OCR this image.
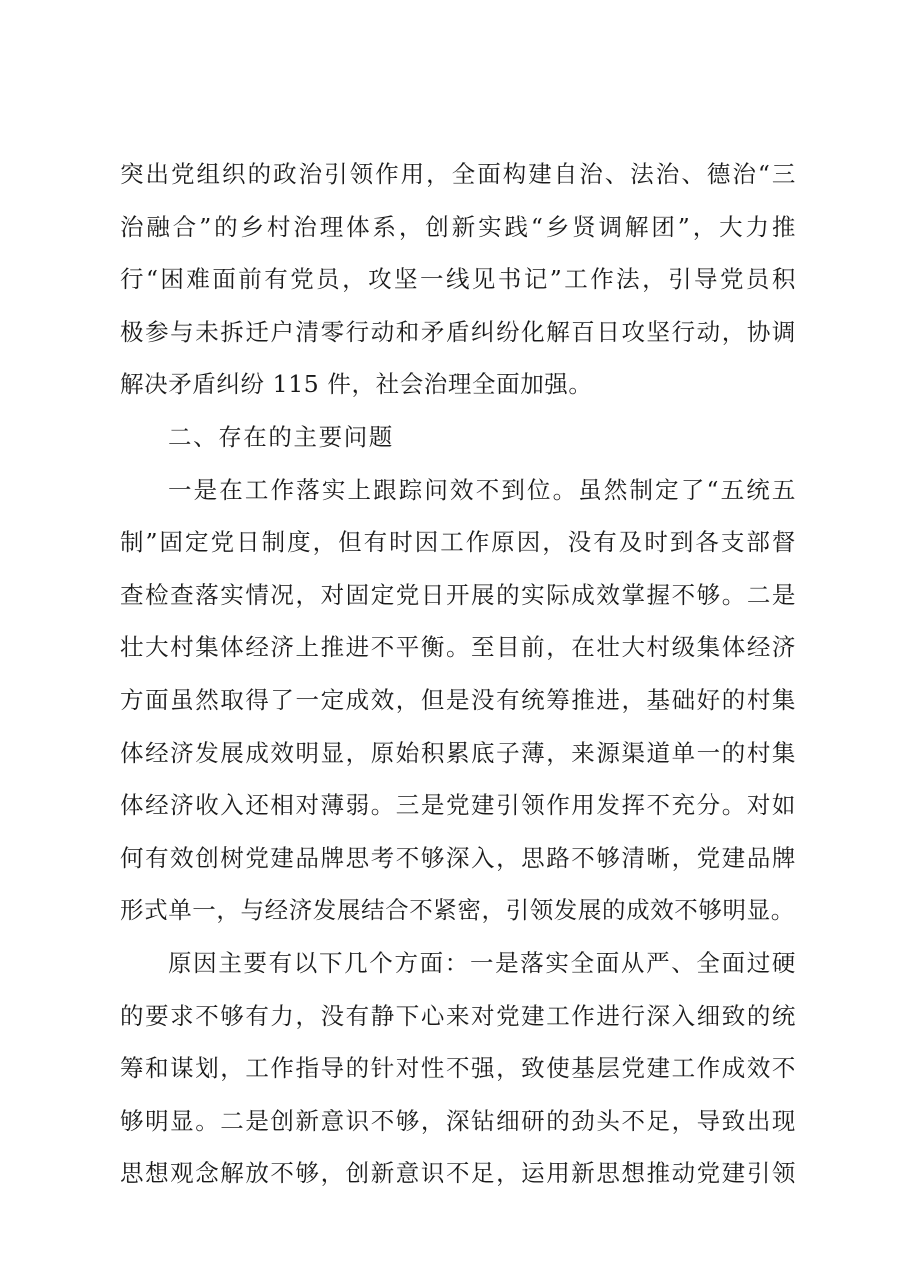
突出党组织的政治引领作用，全面构建自治、法治、德治“三
治融合”的乡村治理体系，创新实践“乡贤调解团”，大力推
行“困难面前有党员，攻坚一线见书记”工作法，引导党员积
极参与未拆迁户清零行动和矛盾纠纷化解百日攻坚行动，协调
解决矛盾纠纷 115 件，社会治理全面加强。
二、存在的主要问题
一是在工作落实上跟踪问效不到位。虽然制定了“五统五
制”固定党日制度，但有时因工作原因，没有及时到各支部督
查检查落实情况，对固定党日开展的实际成效掌握不够。二是
壮大村集体经济上推进不平衡。至目前，在壮大村级集体经济
方面虽然取得了一定成效，但是没有统筹推进，基础好的村集
体经济发展成效明显，原始积累底子薄，来源渠道单一的村集
体经济收入还相对薄弱。三是党建引领作用发挥不充分。对如
何有效创树党建品牌思考不够深入，思路不够清晰，党建品牌
形式单一，与经济发展结合不紧密，引领发展的成效不够明显。
原因主要有以下几个方面：一是落实全面从严、全面过硬
的要求不够有力，没有静下心来对党建工作进行深入细致的统
筹和谋划，工作指导的针对性不强，致使基层党建工作成效不
够明显。二是创新意识不够，深钻细研的劲头不足，导致出现
思想观念解放不够，创新意识不足，运用新思想推动党建引领
